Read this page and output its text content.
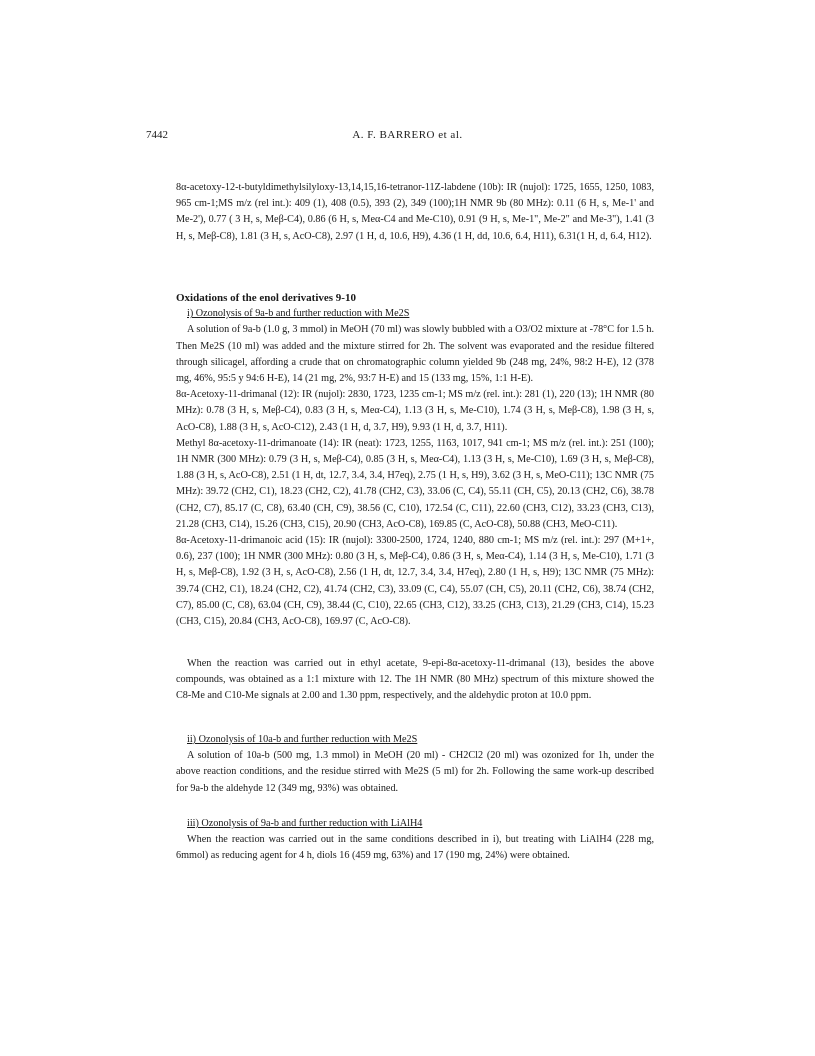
7442	A. F. BARRERO et al.

8α-acetoxy-12-t-butyldimethylsilyloxy-13,14,15,16-tetranor-11Z-labdene (10b): IR (nujol): 1725, 1655, 1250, 1083, 965 cm-1;MS m/z (rel int.): 409 (1), 408 (0.5), 393 (2), 349 (100);1H NMR 9b (80 MHz): 0.11 (6 H, s, Me-1' and Me-2'), 0.77 ( 3 H, s, Meβ-C4), 0.86 (6 H, s, Meα-C4 and Me-C10), 0.91 (9 H, s, Me-1", Me-2" and Me-3"), 1.41 (3 H, s, Meβ-C8), 1.81 (3 H, s, AcO-C8), 2.97 (1 H, d, 10.6, H9), 4.36 (1 H, dd, 10.6, 6.4, H11), 6.31(1 H, d, 6.4, H12).

Oxidations of the enol derivatives 9-10

i) Ozonolysis of 9a-b and further reduction with Me2S

A solution of 9a-b (1.0 g, 3 mmol) in MeOH (70 ml) was slowly bubbled with a O3/O2 mixture at -78°C for 1.5 h. Then Me2S (10 ml) was added and the mixture stirred for 2h. The solvent was evaporated and the residue filtered through silicagel, affording a crude that on chromatographic column yielded 9b (248 mg, 24%, 98:2 H-E), 12 (378 mg, 46%, 95:5 y 94:6 H-E), 14 (21 mg, 2%, 93:7 H-E) and 15 (133 mg, 15%, 1:1 H-E).

8α-Acetoxy-11-drimanal (12): IR (nujol): 2830, 1723, 1235 cm-1; MS m/z (rel. int.): 281 (1), 220 (13); 1H NMR (80 MHz): 0.78 (3 H, s, Meβ-C4), 0.83 (3 H, s, Meα-C4), 1.13 (3 H, s, Me-C10), 1.74 (3 H, s, Meβ-C8), 1.98 (3 H, s, AcO-C8), 1.88 (3 H, s, AcO-C12), 2.43 (1 H, d, 3.7, H9), 9.93 (1 H, d, 3.7, H11).

Methyl 8α-acetoxy-11-drimanoate (14): IR (neat): 1723, 1255, 1163, 1017, 941 cm-1; MS m/z (rel. int.): 251 (100); 1H NMR (300 MHz): 0.79 (3 H, s, Meβ-C4), 0.85 (3 H, s, Meα-C4), 1.13 (3 H, s, Me-C10), 1.69 (3 H, s, Meβ-C8), 1.88 (3 H, s, AcO-C8), 2.51 (1 H, dt, 12.7, 3.4, 3.4, H7eq), 2.75 (1 H, s, H9), 3.62 (3 H, s, MeO-C11); 13C NMR (75 MHz): 39.72 (CH2, C1), 18.23 (CH2, C2), 41.78 (CH2, C3), 33.06 (C, C4), 55.11 (CH, C5), 20.13 (CH2, C6), 38.78 (CH2, C7), 85.17 (C, C8), 63.40 (CH, C9), 38.56 (C, C10), 172.54 (C, C11), 22.60 (CH3, C12), 33.23 (CH3, C13), 21.28 (CH3, C14), 15.26 (CH3, C15), 20.90 (CH3, AcO-C8), 169.85 (C, AcO-C8), 50.88 (CH3, MeO-C11).

8α-Acetoxy-11-drimanoic acid (15): IR (nujol): 3300-2500, 1724, 1240, 880 cm-1; MS m/z (rel. int.): 297 (M+1+, 0.6), 237 (100); 1H NMR (300 MHz): 0.80 (3 H, s, Meβ-C4), 0.86 (3 H, s, Meα-C4), 1.14 (3 H, s, Me-C10), 1.71 (3 H, s, Meβ-C8), 1.92 (3 H, s, AcO-C8), 2.56 (1 H, dt, 12.7, 3.4, 3.4, H7eq), 2.80 (1 H, s, H9); 13C NMR (75 MHz): 39.74 (CH2, C1), 18.24 (CH2, C2), 41.74 (CH2, C3), 33.09 (C, C4), 55.07 (CH, C5), 20.11 (CH2, C6), 38.74 (CH2, C7), 85.00 (C, C8), 63.04 (CH, C9), 38.44 (C, C10), 22.65 (CH3, C12), 33.25 (CH3, C13), 21.29 (CH3, C14), 15.23 (CH3, C15), 20.84 (CH3, AcO-C8), 169.97 (C, AcO-C8).

When the reaction was carried out in ethyl acetate, 9-epi-8α-acetoxy-11-drimanal (13), besides the above compounds, was obtained as a 1:1 mixture with 12. The 1H NMR (80 MHz) spectrum of this mixture showed the C8-Me and C10-Me signals at 2.00 and 1.30 ppm, respectively, and the aldehydic proton at 10.0 ppm.

ii) Ozonolysis of 10a-b and further reduction with Me2S

A solution of 10a-b (500 mg, 1.3 mmol) in MeOH (20 ml) - CH2Cl2 (20 ml) was ozonized for 1h, under the above reaction conditions, and the residue stirred with Me2S (5 ml) for 2h. Following the same work-up described for 9a-b the aldehyde 12 (349 mg, 93%) was obtained.

iii) Ozonolysis of 9a-b and further reduction with LiAlH4

When the reaction was carried out in the same conditions described in i), but treating with LiAlH4 (228 mg, 6mmol) as reducing agent for 4 h, diols 16 (459 mg, 63%) and 17 (190 mg, 24%) were obtained.
